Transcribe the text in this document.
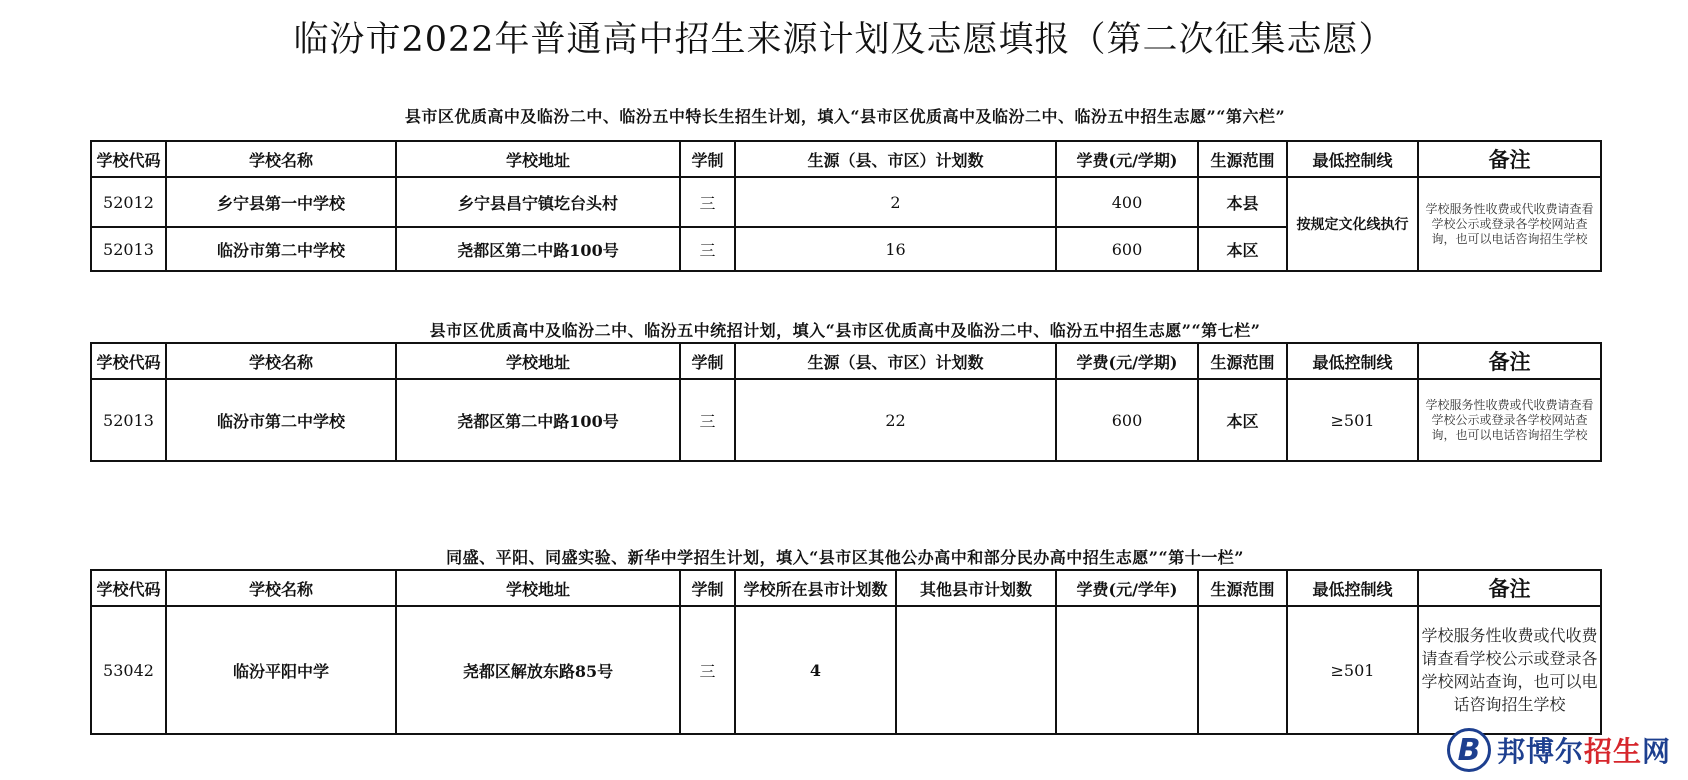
临汾市2022年普通高中招生来源计划及志愿填报（第二次征集志愿）
县市区优质高中及临汾二中、临汾五中特长生招生计划，填入“县市区优质高中及临汾二中、临汾五中招生志愿”“第六栏”
学校代码	学校名称	学校地址	学制	生源（县、市区）计划数	学费(元/学期)	生源范围	最低控制线	备注
52012	乡宁县第一中学校	乡宁县昌宁镇圪台头村	三	2	400	本县	按规定文化线执行	学校服务性收费或代收费请查看学校公示或登录各学校网站查询，也可以电话咨询招生学校
52013	临汾市第二中学校	尧都区第二中路100号	三	16	600	本区		
县市区优质高中及临汾二中、临汾五中统招计划，填入“县市区优质高中及临汾二中、临汾五中招生志愿”“第七栏”
学校代码	学校名称	学校地址	学制	生源（县、市区）计划数	学费(元/学期)	生源范围	最低控制线	备注
52013	临汾市第二中学校	尧都区第二中路100号	三	22	600	本区	≥501	学校服务性收费或代收费请查看学校公示或登录各学校网站查询，也可以电话咨询招生学校
同盛、平阳、同盛实验、新华中学招生计划，填入“县市区其他公办高中和部分民办高中招生志愿”“第十一栏”
学校代码	学校名称	学校地址	学制	学校所在县市计划数	其他县市计划数	学费(元/学年)	生源范围	最低控制线	备注
53042	临汾平阳中学	尧都区解放东路85号	三	4				≥501	学校服务性收费或代收费请查看学校公示或登录各学校网站查询，也可以电话咨询招生学校
B 邦博尔招生网
